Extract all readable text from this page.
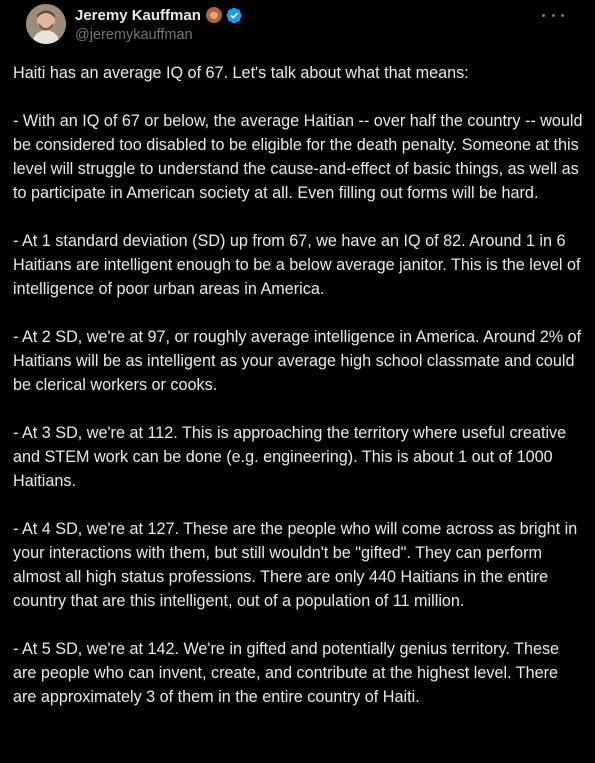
Jeremy Kauffman
@jeremykauffman

Haiti has an average IQ of 67. Let's talk about what that means:

- With an IQ of 67 or below, the average Haitian -- over half the country -- would be considered too disabled to be eligible for the death penalty. Someone at this level will struggle to understand the cause-and-effect of basic things, as well as to participate in American society at all. Even filling out forms will be hard.

- At 1 standard deviation (SD) up from 67, we have an IQ of 82. Around 1 in 6 Haitians are intelligent enough to be a below average janitor. This is the level of intelligence of poor urban areas in America.

- At 2 SD, we're at 97, or roughly average intelligence in America. Around 2% of Haitians will be as intelligent as your average high school classmate and could be clerical workers or cooks.

- At 3 SD, we're at 112. This is approaching the territory where useful creative and STEM work can be done (e.g. engineering). This is about 1 out of 1000 Haitians.

- At 4 SD, we're at 127. These are the people who will come across as bright in your interactions with them, but still wouldn't be "gifted". They can perform almost all high status professions. There are only 440 Haitians in the entire country that are this intelligent, out of a population of 11 million.

- At 5 SD, we're at 142. We're in gifted and potentially genius territory. These are people who can invent, create, and contribute at the highest level. There are approximately 3 of them in the entire country of Haiti.
